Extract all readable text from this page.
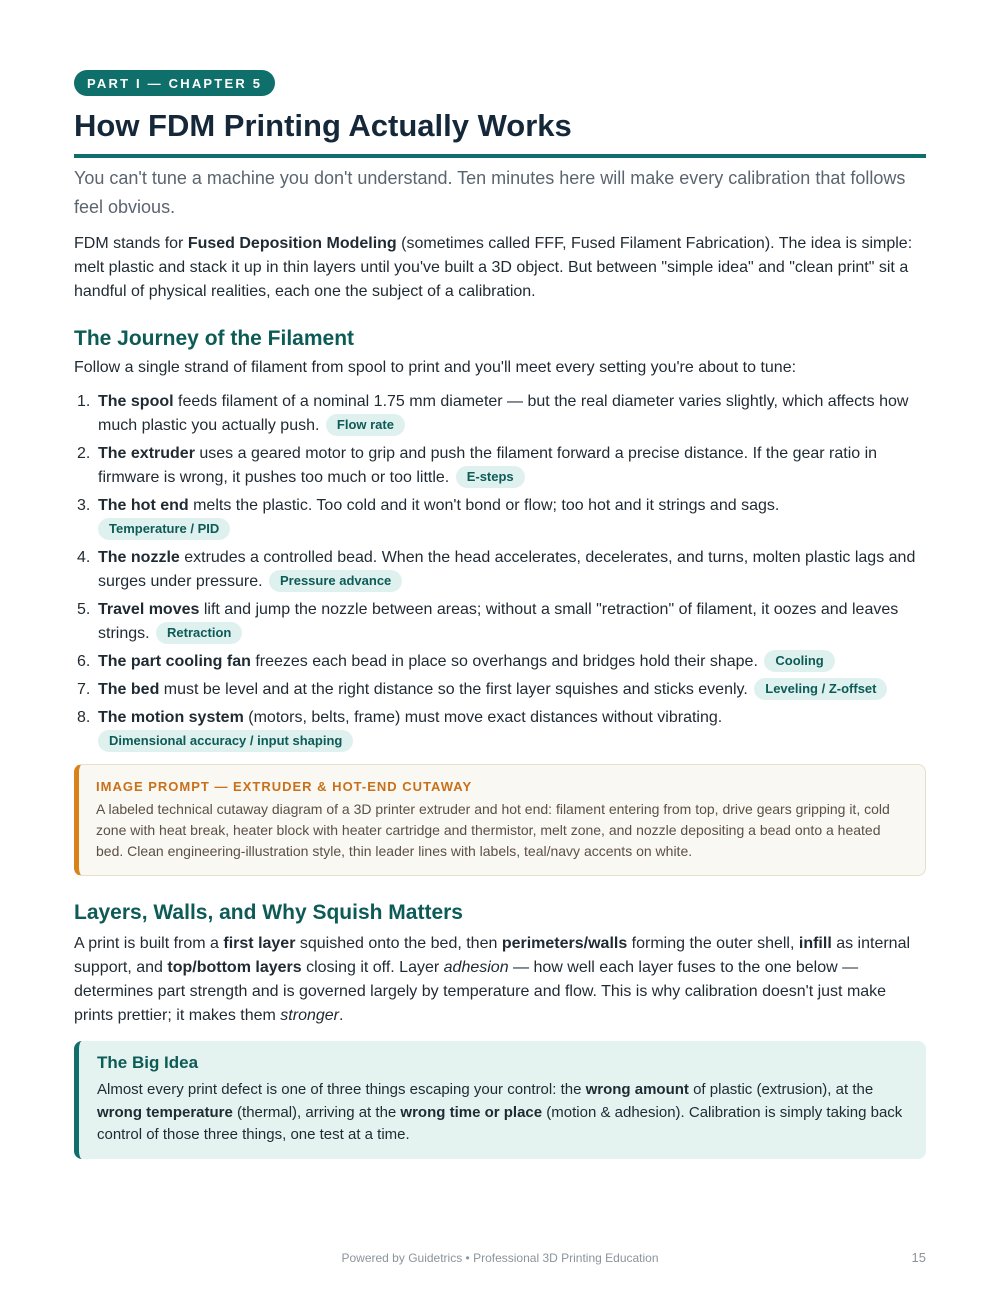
PART I — CHAPTER 5
How FDM Printing Actually Works

You can't tune a machine you don't understand. Ten minutes here will make every calibration that follows feel obvious.

FDM stands for Fused Deposition Modeling (sometimes called FFF, Fused Filament Fabrication). The idea is simple: melt plastic and stack it up in thin layers until you've built a 3D object. But between "simple idea" and "clean print" sit a handful of physical realities, each one the subject of a calibration.

The Journey of the Filament

Follow a single strand of filament from spool to print and you'll meet every setting you're about to tune:

1. The spool feeds filament of a nominal 1.75 mm diameter — but the real diameter varies slightly, which affects how much plastic you actually push. Flow rate
2. The extruder uses a geared motor to grip and push the filament forward a precise distance. If the gear ratio in firmware is wrong, it pushes too much or too little. E-steps
3. The hot end melts the plastic. Too cold and it won't bond or flow; too hot and it strings and sags.
Temperature / PID
4. The nozzle extrudes a controlled bead. When the head accelerates, decelerates, and turns, molten plastic lags and surges under pressure. Pressure advance
5. Travel moves lift and jump the nozzle between areas; without a small "retraction" of filament, it oozes and leaves strings. Retraction
6. The part cooling fan freezes each bead in place so overhangs and bridges hold their shape. Cooling
7. The bed must be level and at the right distance so the first layer squishes and sticks evenly. Leveling / Z-offset
8. The motion system (motors, belts, frame) must move exact distances without vibrating.
Dimensional accuracy / input shaping
IMAGE PROMPT — EXTRUDER & HOT-END CUTAWAY
A labeled technical cutaway diagram of a 3D printer extruder and hot end: filament entering from top, drive gears gripping it, cold zone with heat break, heater block with heater cartridge and thermistor, melt zone, and nozzle depositing a bead onto a heated bed. Clean engineering-illustration style, thin leader lines with labels, teal/navy accents on white.
Layers, Walls, and Why Squish Matters

A print is built from a first layer squished onto the bed, then perimeters/walls forming the outer shell, infill as internal support, and top/bottom layers closing it off. Layer adhesion — how well each layer fuses to the one below — determines part strength and is governed largely by temperature and flow. This is why calibration doesn't just make prints prettier; it makes them stronger.

The Big Idea

Almost every print defect is one of three things escaping your control: the wrong amount of plastic (extrusion), at the wrong temperature (thermal), arriving at the wrong time or place (motion & adhesion). Calibration is simply taking back control of those three things, one test at a time.

Powered by Guidetrics • Professional 3D Printing Education	15
